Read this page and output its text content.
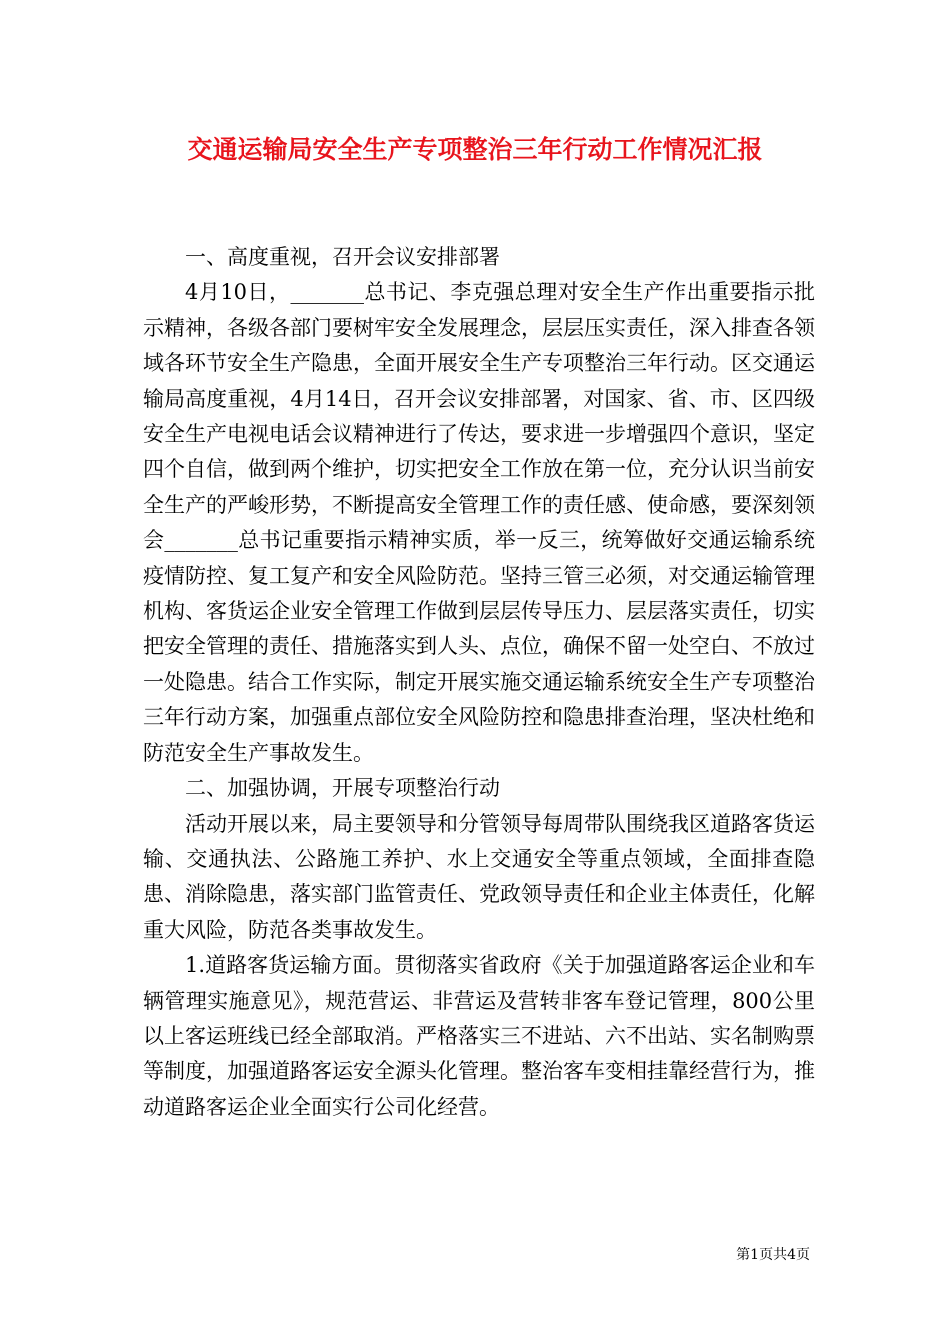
交通运输局安全生产专项整治三年行动工作情况汇报

一、高度重视，召开会议安排部署

4月10日，_______总书记、李克强总理对安全生产作出重要指示批示精神，各级各部门要树牢安全发展理念，层层压实责任，深入排查各领域各环节安全生产隐患，全面开展安全生产专项整治三年行动。区交通运输局高度重视，4月14日，召开会议安排部署，对国家、省、市、区四级安全生产电视电话会议精神进行了传达，要求进一步增强四个意识，坚定四个自信，做到两个维护，切实把安全工作放在第一位，充分认识当前安全生产的严峻形势，不断提高安全管理工作的责任感、使命感，要深刻领会_______总书记重要指示精神实质，举一反三，统筹做好交通运输系统疫情防控、复工复产和安全风险防范。坚持三管三必须，对交通运输管理机构、客货运企业安全管理工作做到层层传导压力、层层落实责任，切实把安全管理的责任、措施落实到人头、点位，确保不留一处空白、不放过一处隐患。结合工作实际，制定开展实施交通运输系统安全生产专项整治三年行动方案，加强重点部位安全风险防控和隐患排查治理，坚决杜绝和防范安全生产事故发生。

二、加强协调，开展专项整治行动

活动开展以来，局主要领导和分管领导每周带队围绕我区道路客货运输、交通执法、公路施工养护、水上交通安全等重点领域，全面排查隐患、消除隐患，落实部门监管责任、党政领导责任和企业主体责任，化解重大风险，防范各类事故发生。

1.道路客货运输方面。贯彻落实省政府《关于加强道路客运企业和车辆管理实施意见》，规范营运、非营运及营转非客车登记管理，800公里以上客运班线已经全部取消。严格落实三不进站、六不出站、实名制购票等制度，加强道路客运安全源头化管理。整治客车变相挂靠经营行为，推动道路客运企业全面实行公司化经营。

第1页共4页
